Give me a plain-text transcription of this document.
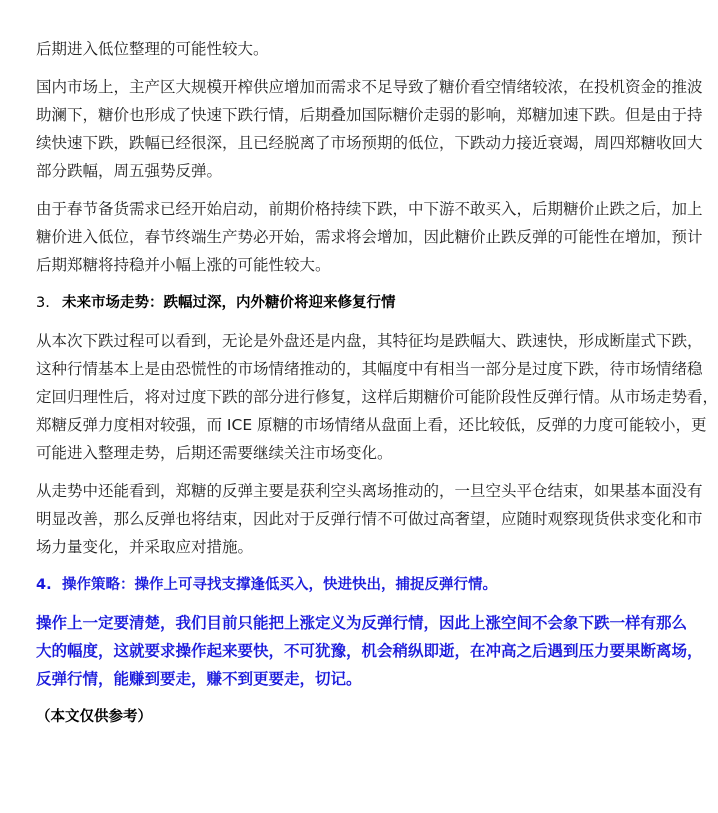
后期进入低位整理的可能性较大。
国内市场上，主产区大规模开榨供应增加而需求不足导致了糖价看空情绪较浓，在投机资金的推波
助澜下，糖价也形成了快速下跌行情，后期叠加国际糖价走弱的影响，郑糖加速下跌。但是由于持
续快速下跌，跌幅已经很深，且已经脱离了市场预期的低位，下跌动力接近衰竭，周四郑糖收回大
部分跌幅，周五强势反弹。
由于春节备货需求已经开始启动，前期价格持续下跌，中下游不敢买入，后期糖价止跌之后，加上
糖价进入低位，春节终端生产势必开始，需求将会增加，因此糖价止跌反弹的可能性在增加，预计
后期郑糖将持稳并小幅上涨的可能性较大。
3. 未来市场走势：跌幅过深，内外糖价将迎来修复行情
从本次下跌过程可以看到，无论是外盘还是内盘，其特征均是跌幅大、跌速快，形成断崖式下跌，
这种行情基本上是由恐慌性的市场情绪推动的，其幅度中有相当一部分是过度下跌，待市场情绪稳
定回归理性后，将对过度下跌的部分进行修复，这样后期糖价可能阶段性反弹行情。从市场走势看，
郑糖反弹力度相对较强，而 ICE 原糖的市场情绪从盘面上看，还比较低，反弹的力度可能较小，更
可能进入整理走势，后期还需要继续关注市场变化。
从走势中还能看到，郑糖的反弹主要是获利空头离场推动的，一旦空头平仓结束，如果基本面没有
明显改善，那么反弹也将结束，因此对于反弹行情不可做过高奢望，应随时观察现货供求变化和市
场力量变化，并采取应对措施。
4. 操作策略：操作上可寻找支撑逢低买入，快进快出，捕捉反弹行情。
操作上一定要清楚，我们目前只能把上涨定义为反弹行情，因此上涨空间不会象下跌一样有那么
大的幅度，这就要求操作起来要快，不可犹豫，机会稍纵即逝，在冲高之后遇到压力要果断离场，
反弹行情，能赚到要走，赚不到更要走，切记。
（本文仅供参考）
